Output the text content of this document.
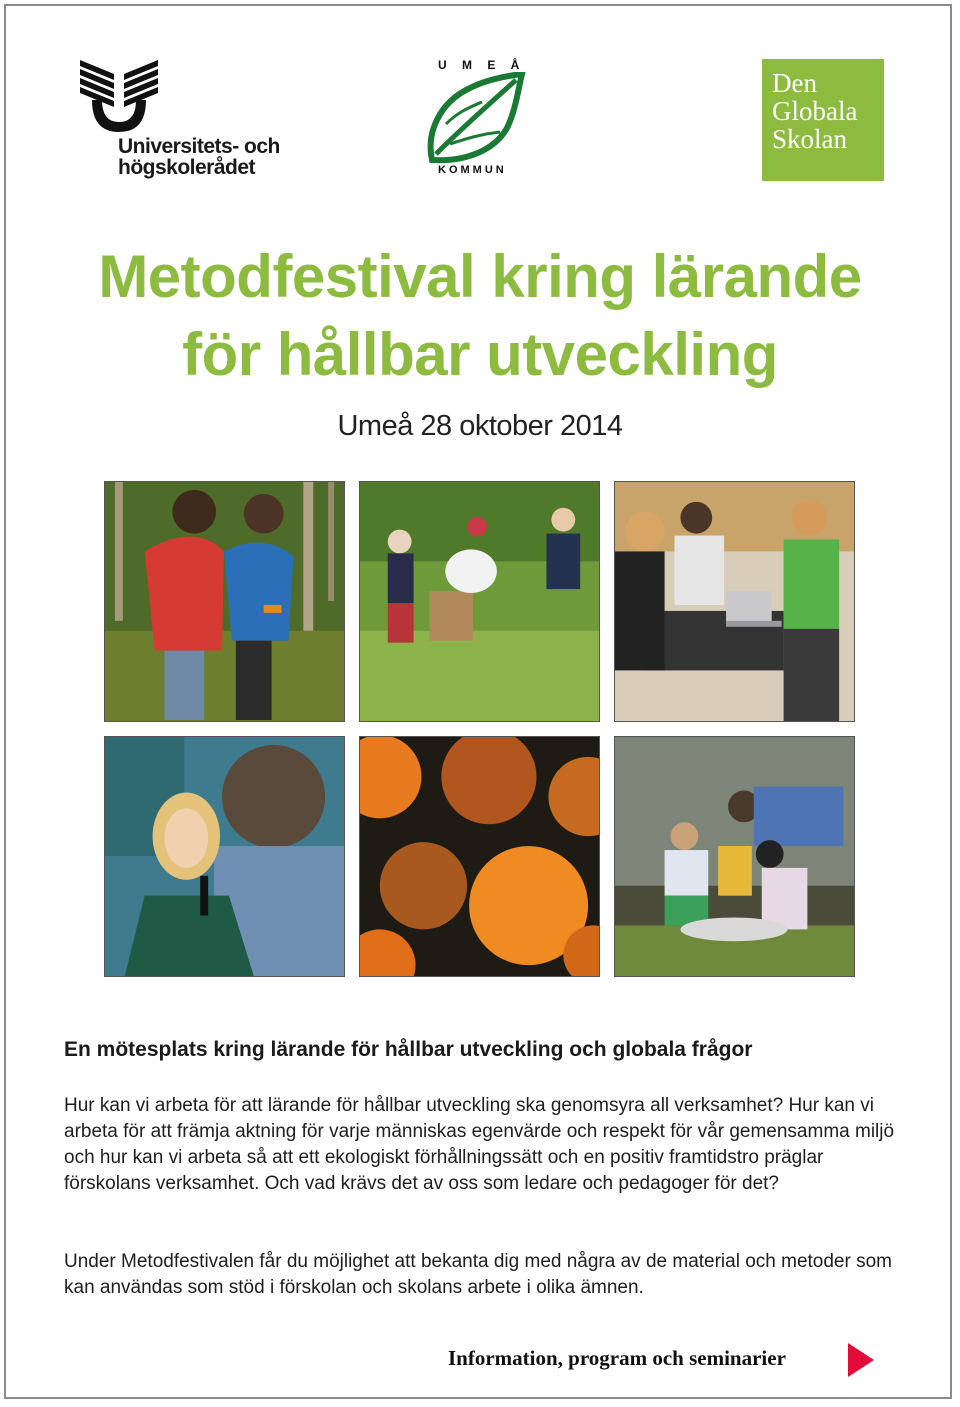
Universitets- och
högskolerådet
U M E Å
KOMMUN
Den
Globala
Skolan
Metodfestival kring lärande
för hållbar utveckling
Umeå 28 oktober 2014
En mötesplats kring lärande för hållbar utveckling och globala frågor
Hur kan vi arbeta för att lärande för hållbar utveckling ska genomsyra all verksamhet? Hur kan vi arbeta för att främja aktning för varje människas egenvärde och respekt för vår gemensamma miljö och hur kan vi arbeta så att ett ekologiskt förhållningssätt och en positiv framtidstro präglar förskolans verksamhet. Och vad krävs det av oss som ledare och pedagoger för det?
Under Metodfestivalen får du möjlighet att bekanta dig med några av de material och metoder som kan användas som stöd i förskolan och skolans arbete i olika ämnen.
Information, program och seminarier
